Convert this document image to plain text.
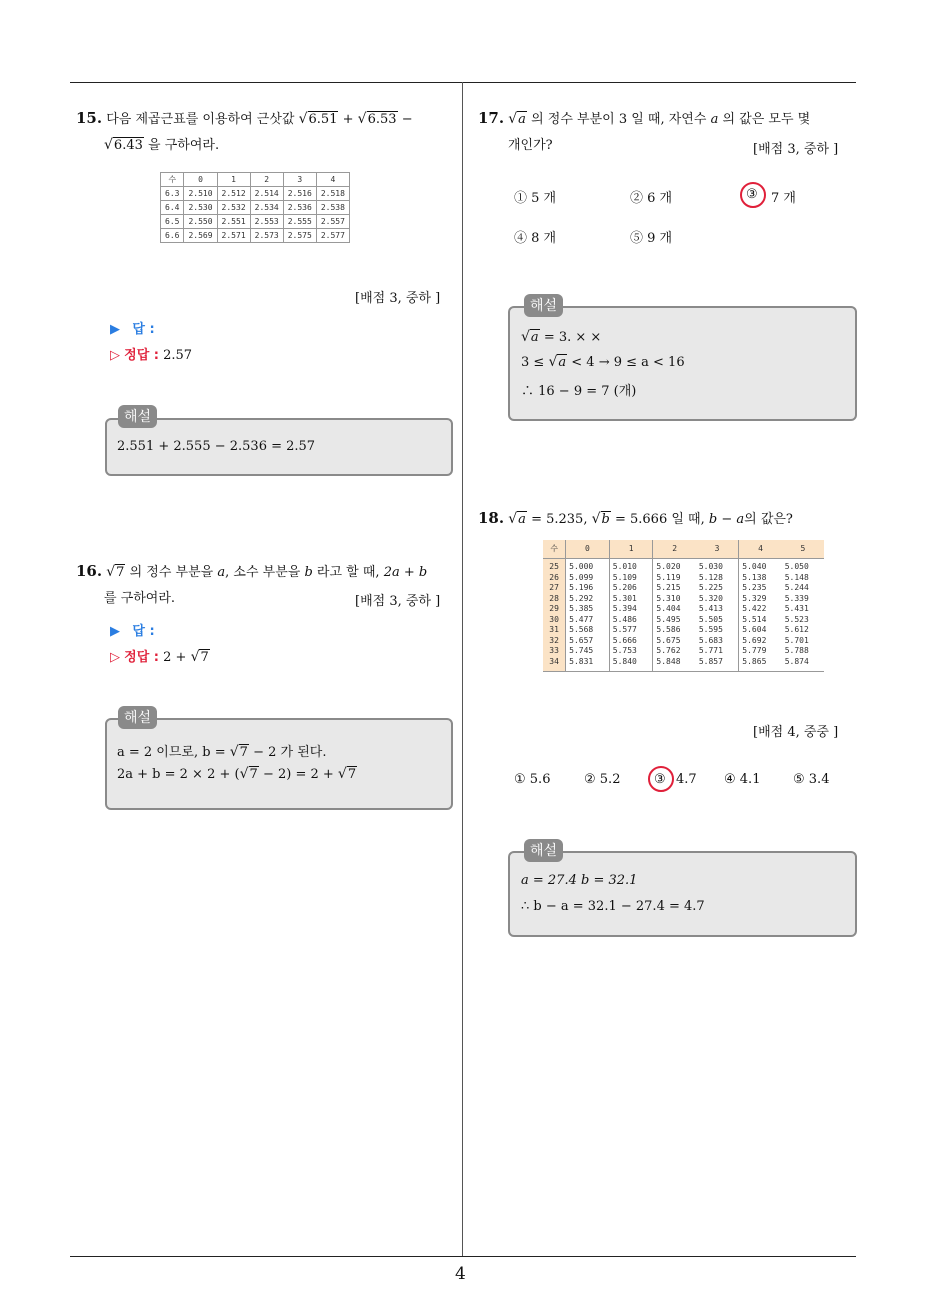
4
15. 다음 제곱근표를 이용하여 근삿값 √6.51 + √6.53 −
√6.43 을 구하여라.
수	0	1	2	3	4
6.3	2.510	2.512	2.514	2.516	2.518
6.4	2.530	2.532	2.534	2.536	2.538
6.5	2.550	2.551	2.553	2.555	2.557
6.6	2.569	2.571	2.573	2.575	2.577
[배점 3, 중하 ]
▶ 답 :
▷ 정답 : 2.57
해설
2.551 + 2.555 − 2.536 = 2.57
16. √7 의 정수 부분을 a, 소수 부분을 b 라고 할 때, 2a + b
를 구하여라.	[배점 3, 중하 ]
▶ 답 :
▷ 정답 : 2 + √7
해설
a = 2 이므로, b = √7 − 2 가 된다.
2a + b = 2 × 2 + (√7 − 2) = 2 + √7
17. √a 의 정수 부분이 3 일 때, 자연수 a 의 값은 모두 몇
개인가?	[배점 3, 중하 ]
① 5 개	② 6 개	③ 7 개
④ 8 개	⑤ 9 개
해설
√a = 3. × ×
3 ≤ √a < 4 → 9 ≤ a < 16
∴ 16 − 9 = 7 (개)
18. √a = 5.235, √b = 5.666 일 때, b − a의 값은?
수	0	1	2	3	4	5
25	5.000	5.010	5.020	5.030	5.040	5.050
26	5.099	5.109	5.119	5.128	5.138	5.148
27	5.196	5.206	5.215	5.225	5.235	5.244
28	5.292	5.301	5.310	5.320	5.329	5.339
29	5.385	5.394	5.404	5.413	5.422	5.431
30	5.477	5.486	5.495	5.505	5.514	5.523
31	5.568	5.577	5.586	5.595	5.604	5.612
32	5.657	5.666	5.675	5.683	5.692	5.701
33	5.745	5.753	5.762	5.771	5.779	5.788
34	5.831	5.840	5.848	5.857	5.865	5.874
[배점 4, 중중 ]
① 5.6	② 5.2	③ 4.7 ④ 4.1	⑤ 3.4
해설
a = 27.4 b = 32.1
∴ b − a = 32.1 − 27.4 = 4.7
